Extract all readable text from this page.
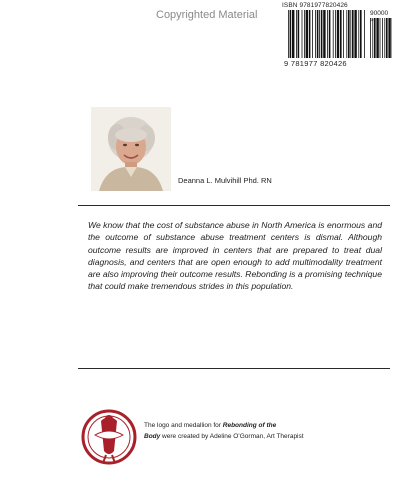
Copyrighted Material
ISBN 9781977820426
90000 >
9 781977 820426
Deanna L. Mulvihill Phd. RN

We know that the cost of substance abuse in North America is enormous and the outcome of substance abuse treatment centers is dismal. Although outcome results are improved in centers that are prepared to treat dual diagnosis, and centers that are open enough to add multimodality treatment are also improving their outcome results. Rebonding is a promising technique that could make tremendous strides in this population.

The logo and medallion for Rebonding of the
Body were created by Adeline O’Gorman, Art Therapist
